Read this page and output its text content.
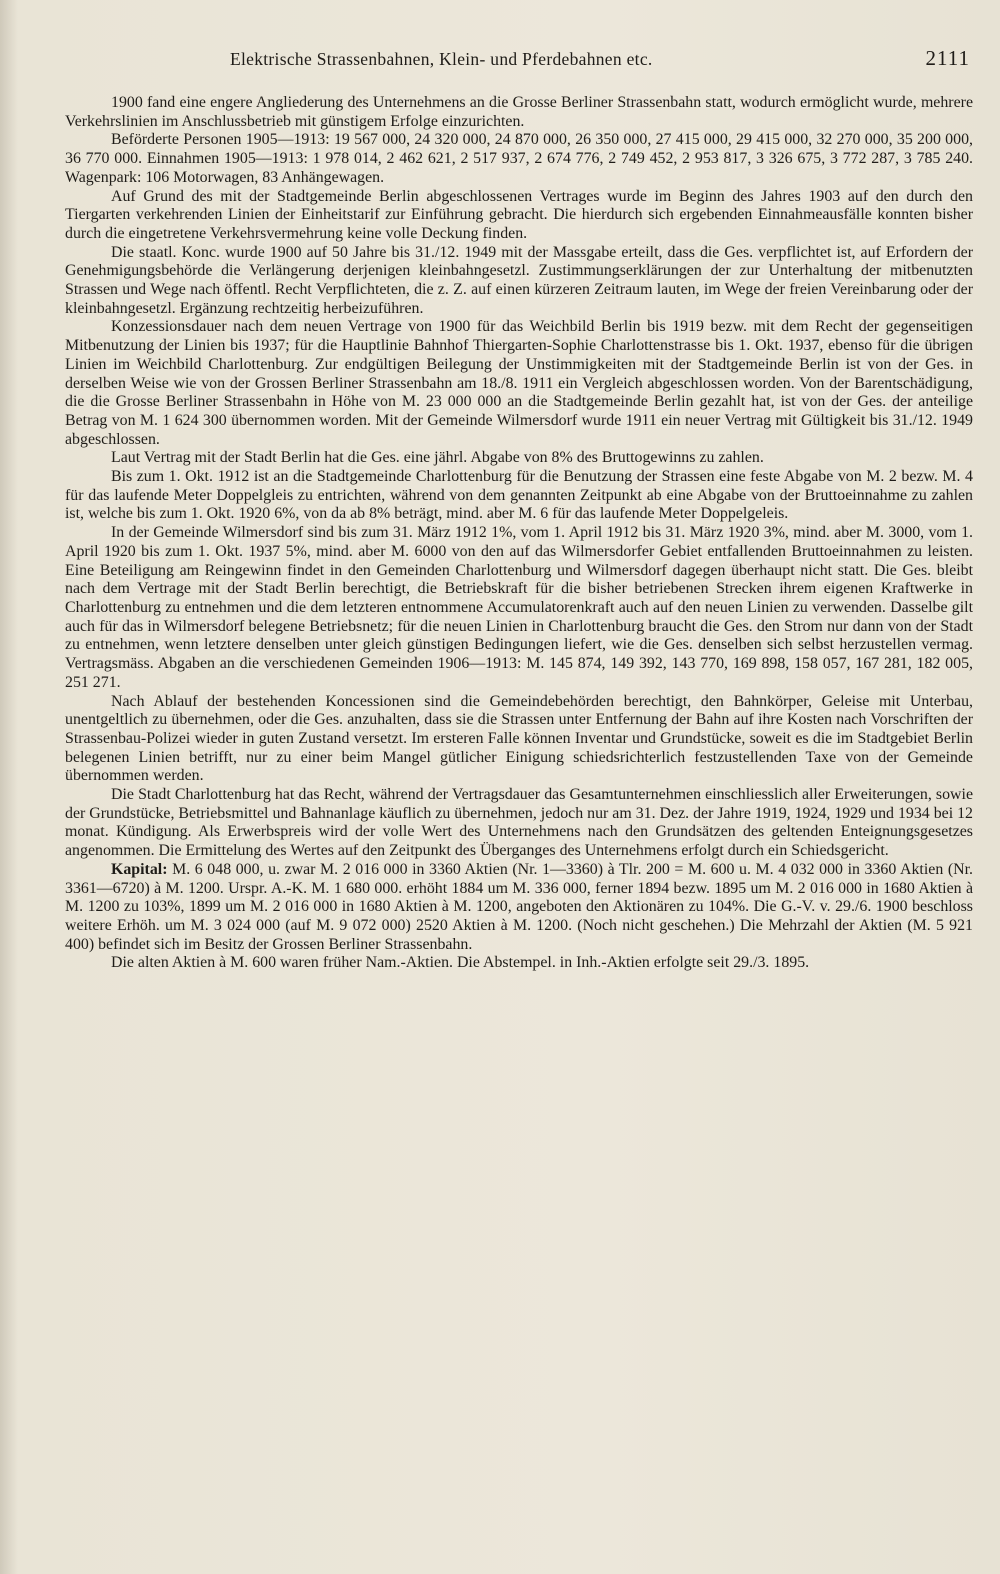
Elektrische Strassenbahnen, Klein- und Pferdebahnen etc.	2111

1900 fand eine engere Angliederung des Unternehmens an die Grosse Berliner Strassenbahn statt, wodurch ermöglicht wurde, mehrere Verkehrslinien im Anschlussbetrieb mit günstigem Erfolge einzurichten.

Beförderte Personen 1905—1913: 19 567 000, 24 320 000, 24 870 000, 26 350 000, 27 415 000, 29 415 000, 32 270 000, 35 200 000, 36 770 000. Einnahmen 1905—1913: 1 978 014, 2 462 621, 2 517 937, 2 674 776, 2 749 452, 2 953 817, 3 326 675, 3 772 287, 3 785 240. Wagenpark: 106 Motorwagen, 83 Anhängewagen.

Auf Grund des mit der Stadtgemeinde Berlin abgeschlossenen Vertrages wurde im Beginn des Jahres 1903 auf den durch den Tiergarten verkehrenden Linien der Einheitstarif zur Einführung gebracht. Die hierdurch sich ergebenden Einnahmeausfälle konnten bisher durch die eingetretene Verkehrsvermehrung keine volle Deckung finden.

Die staatl. Konc. wurde 1900 auf 50 Jahre bis 31./12. 1949 mit der Massgabe erteilt, dass die Ges. verpflichtet ist, auf Erfordern der Genehmigungsbehörde die Verlängerung derjenigen kleinbahngesetzl. Zustimmungserklärungen der zur Unterhaltung der mitbenutzten Strassen und Wege nach öffentl. Recht Verpflichteten, die z. Z. auf einen kürzeren Zeitraum lauten, im Wege der freien Vereinbarung oder der kleinbahngesetzl. Ergänzung rechtzeitig herbeizuführen.

Konzessionsdauer nach dem neuen Vertrage von 1900 für das Weichbild Berlin bis 1919 bezw. mit dem Recht der gegenseitigen Mitbenutzung der Linien bis 1937; für die Hauptlinie Bahnhof Thiergarten-Sophie Charlottenstrasse bis 1. Okt. 1937, ebenso für die übrigen Linien im Weichbild Charlottenburg. Zur endgültigen Beilegung der Unstimmigkeiten mit der Stadtgemeinde Berlin ist von der Ges. in derselben Weise wie von der Grossen Berliner Strassenbahn am 18./8. 1911 ein Vergleich abgeschlossen worden. Von der Barentschädigung, die die Grosse Berliner Strassenbahn in Höhe von M. 23 000 000 an die Stadtgemeinde Berlin gezahlt hat, ist von der Ges. der anteilige Betrag von M. 1 624 300 übernommen worden. Mit der Gemeinde Wilmersdorf wurde 1911 ein neuer Vertrag mit Gültigkeit bis 31./12. 1949 abgeschlossen.

Laut Vertrag mit der Stadt Berlin hat die Ges. eine jährl. Abgabe von 8% des Bruttogewinns zu zahlen.

Bis zum 1. Okt. 1912 ist an die Stadtgemeinde Charlottenburg für die Benutzung der Strassen eine feste Abgabe von M. 2 bezw. M. 4 für das laufende Meter Doppelgleis zu entrichten, während von dem genannten Zeitpunkt ab eine Abgabe von der Bruttoeinnahme zu zahlen ist, welche bis zum 1. Okt. 1920 6%, von da ab 8% beträgt, mind. aber M. 6 für das laufende Meter Doppelgeleis.

In der Gemeinde Wilmersdorf sind bis zum 31. März 1912 1%, vom 1. April 1912 bis 31. März 1920 3%, mind. aber M. 3000, vom 1. April 1920 bis zum 1. Okt. 1937 5%, mind. aber M. 6000 von den auf das Wilmersdorfer Gebiet entfallenden Bruttoeinnahmen zu leisten. Eine Beteiligung am Reingewinn findet in den Gemeinden Charlottenburg und Wilmersdorf dagegen überhaupt nicht statt. Die Ges. bleibt nach dem Vertrage mit der Stadt Berlin berechtigt, die Betriebskraft für die bisher betriebenen Strecken ihrem eigenen Kraftwerke in Charlottenburg zu entnehmen und die dem letzteren entnommene Accumulatorenkraft auch auf den neuen Linien zu verwenden. Dasselbe gilt auch für das in Wilmersdorf belegene Betriebsnetz; für die neuen Linien in Charlottenburg braucht die Ges. den Strom nur dann von der Stadt zu entnehmen, wenn letztere denselben unter gleich günstigen Bedingungen liefert, wie die Ges. denselben sich selbst herzustellen vermag. Vertragsmäss. Abgaben an die verschiedenen Gemeinden 1906—1913: M. 145 874, 149 392, 143 770, 169 898, 158 057, 167 281, 182 005, 251 271.

Nach Ablauf der bestehenden Koncessionen sind die Gemeindebehörden berechtigt, den Bahnkörper, Geleise mit Unterbau, unentgeltlich zu übernehmen, oder die Ges. anzuhalten, dass sie die Strassen unter Entfernung der Bahn auf ihre Kosten nach Vorschriften der Strassenbau-Polizei wieder in guten Zustand versetzt. Im ersteren Falle können Inventar und Grundstücke, soweit es die im Stadtgebiet Berlin belegenen Linien betrifft, nur zu einer beim Mangel gütlicher Einigung schiedsrichterlich festzustellenden Taxe von der Gemeinde übernommen werden.

Die Stadt Charlottenburg hat das Recht, während der Vertragsdauer das Gesamtunternehmen einschliesslich aller Erweiterungen, sowie der Grundstücke, Betriebsmittel und Bahnanlage käuflich zu übernehmen, jedoch nur am 31. Dez. der Jahre 1919, 1924, 1929 und 1934 bei 12 monat. Kündigung. Als Erwerbspreis wird der volle Wert des Unternehmens nach den Grundsätzen des geltenden Enteignungsgesetzes angenommen. Die Ermittelung des Wertes auf den Zeitpunkt des Überganges des Unternehmens erfolgt durch ein Schiedsgericht.

Kapital: M. 6 048 000, u. zwar M. 2 016 000 in 3360 Aktien (Nr. 1—3360) à Tlr. 200 = M. 600 u. M. 4 032 000 in 3360 Aktien (Nr. 3361—6720) à M. 1200. Urspr. A.-K. M. 1 680 000. erhöht 1884 um M. 336 000, ferner 1894 bezw. 1895 um M. 2 016 000 in 1680 Aktien à M. 1200 zu 103%, 1899 um M. 2 016 000 in 1680 Aktien à M. 1200, angeboten den Aktionären zu 104%. Die G.-V. v. 29./6. 1900 beschloss weitere Erhöh. um M. 3 024 000 (auf M. 9 072 000) 2520 Aktien à M. 1200. (Noch nicht geschehen.) Die Mehrzahl der Aktien (M. 5 921 400) befindet sich im Besitz der Grossen Berliner Strassenbahn.

Die alten Aktien à M. 600 waren früher Nam.-Aktien. Die Abstempel. in Inh.-Aktien erfolgte seit 29./3. 1895.
